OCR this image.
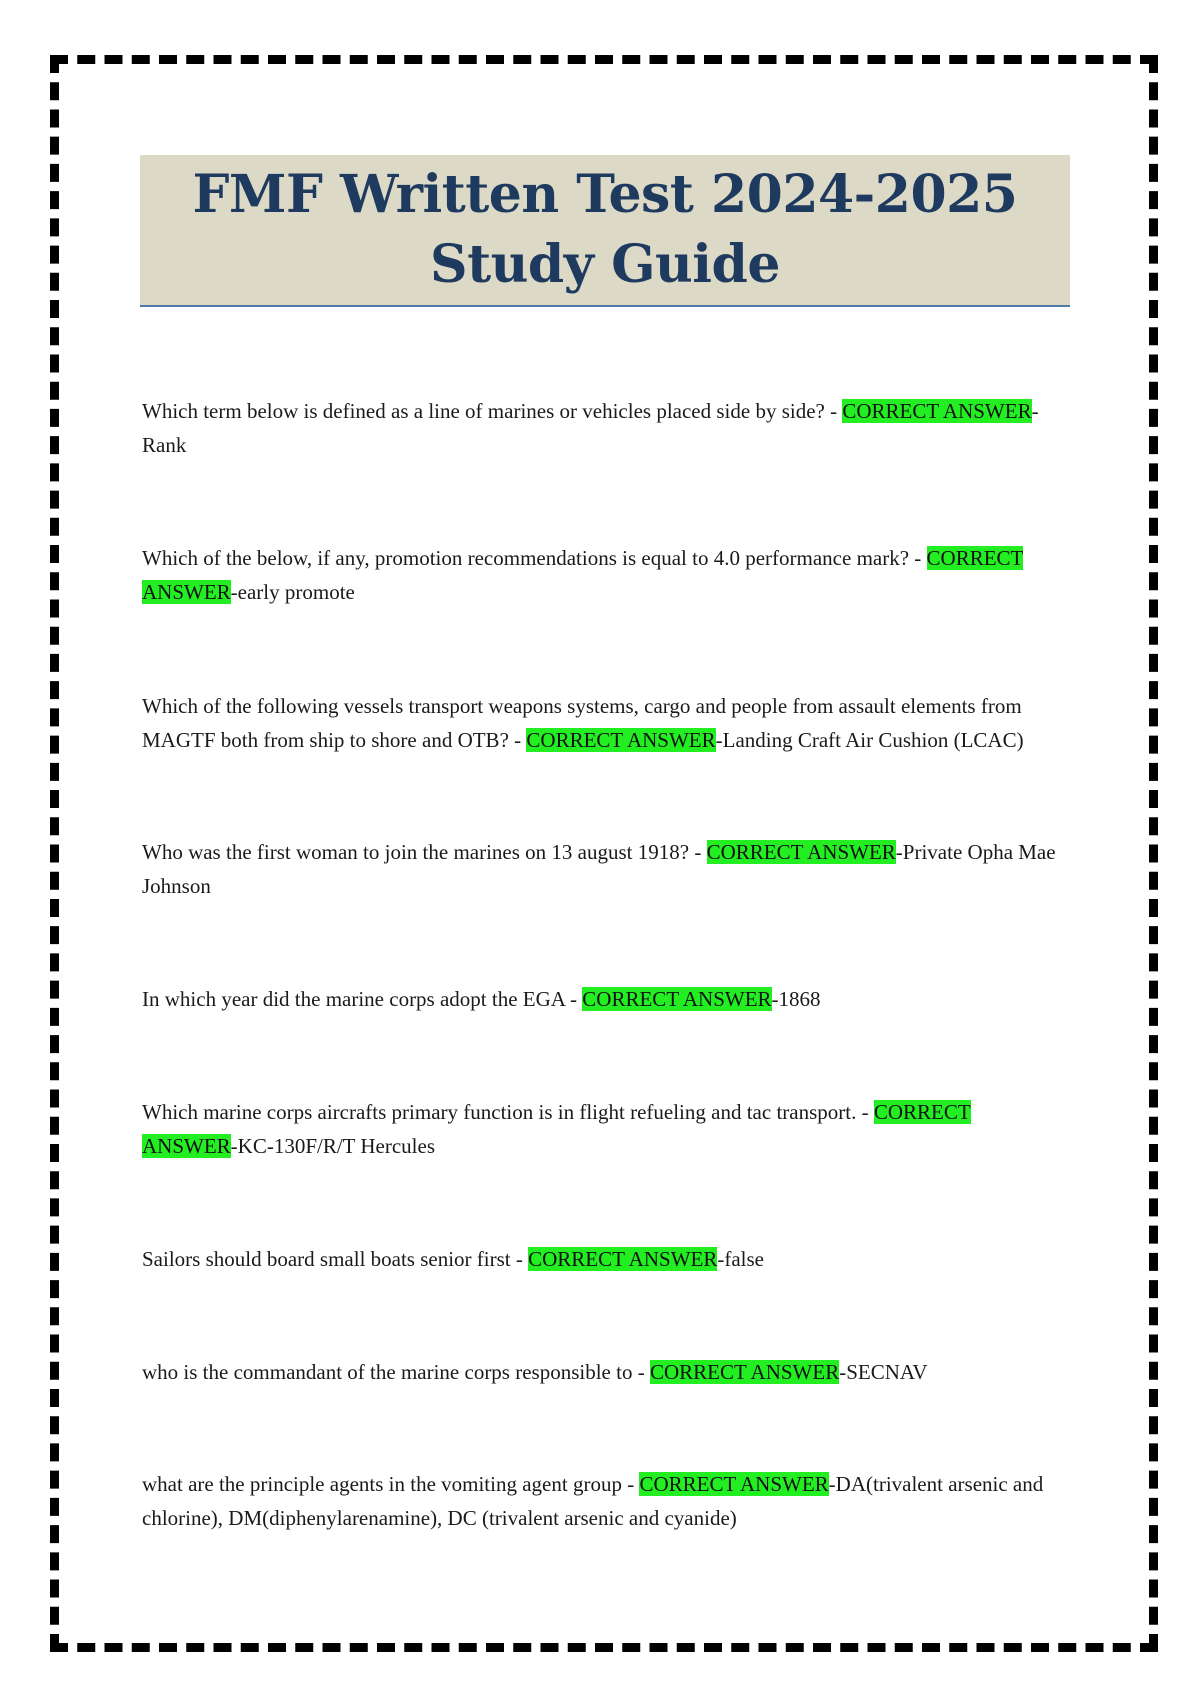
FMF Written Test 2024-2025 Study Guide

Which term below is defined as a line of marines or vehicles placed side by side? - CORRECT ANSWER-Rank

Which of the below, if any, promotion recommendations is equal to 4.0 performance mark? - CORRECT ANSWER-early promote

Which of the following vessels transport weapons systems, cargo and people from assault elements from MAGTF both from ship to shore and OTB? - CORRECT ANSWER-Landing Craft Air Cushion (LCAC)

Who was the first woman to join the marines on 13 august 1918? - CORRECT ANSWER-Private Opha Mae Johnson

In which year did the marine corps adopt the EGA - CORRECT ANSWER-1868

Which marine corps aircrafts primary function is in flight refueling and tac transport. - CORRECT ANSWER-KC-130F/R/T Hercules

Sailors should board small boats senior first - CORRECT ANSWER-false

who is the commandant of the marine corps responsible to - CORRECT ANSWER-SECNAV

what are the principle agents in the vomiting agent group - CORRECT ANSWER-DA(trivalent arsenic and chlorine), DM(diphenylarenamine), DC (trivalent arsenic and cyanide)
